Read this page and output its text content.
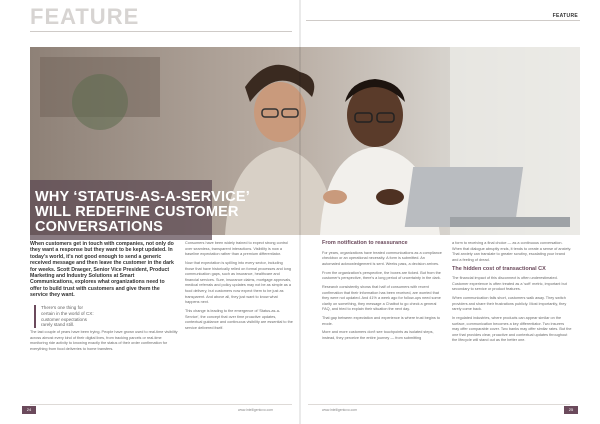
FEATURE	FEATURE
WHY ‘STATUS-AS-A-SERVICE’ WILL REDEFINE CUSTOMER CONVERSATIONS

When customers get in touch with companies, not only do they want a response but they want to be kept updated. In today's world, it's not good enough to send a generic received message and then leave the customer in the dark for weeks. Scott Draeger, Senior Vice President, Product Marketing and Industry Solutions at Smart Communications, explores what organizations need to offer to build trust with customers and give them the service they want.

There's one thing for certain in the world of CX: customer expectations rarely stand still.

The last couple of years have been trying. People have grown used to real-time visibility across almost every kind of their digital lives, from tracking parcels or real-time monitoring ride activity to knowing exactly the status of their order confirmation for everything from food deliveries to home transfers.

Consumers have been widely trained to expect strong control over seamless, transparent interactions. Visibility is now a baseline expectation rather than a premium differentiator.

Now that expectation is spilling into every sector, including those that have historically relied on formal processes and long communication gaps, such as insurance, healthcare and financial services. Sure, insurance claims, mortgage approvals, medical referrals and policy updates may not be as simple as a food delivery, but customers now expect them to be just as transparent. And above all, they just want to know what happens next.

This change is leading to the emergence of 'Status-as-a-Service', the concept that over time proactive updates, contextual guidance and continuous visibility are essential to the service delivered itself.

From notification to reassurance

For years, organizations have treated communications as a compliance checkbox or an operational necessity. A form is submitted. An automated acknowledgement is sent. Weeks pass, a decision arrives.

From the organization's perspective, the boxes are ticked. But from the customer's perspective, there's a long period of uncertainty in the dark.

Research consistently shows that half of consumers with recent confirmation that their information has been received, are worried that they were not updated. And 41% a week ago for follow-ups need some clarity on something, they message a Chatbot to go check a general FAQ, and tried to explain their situation the next day.

That gap between expectation and experience is where trust begins to erode.

More and more customers don't see touchpoints as isolated steps, instead, they perceive the entire journey — from submitting

a form to receiving a final choice — as a continuous conversation. When that dialogue abruptly ends, it tends to create a sense of anxiety. That anxiety can translate to greater scrutiny, escalating your brand and a feeling of dread.

The hidden cost of transactional CX

The financial impact of this disconnect is often underestimated. Customer experience is often treated as a 'soft' metric, important but secondary to service or product features.

When communication falls short, customers walk away. They switch providers and share their frustrations publicly. Most importantly, they rarely come back.

In regulated industries, where products can appear similar on the surface, communication becomes a key differentiator. Two insurers may offer comparable cover. Two banks may offer similar rates. But the one that provides clear, proactive and contextual updates throughout the lifecycle will stand out as the better one.

24	25
www.intelligentcxo.com	www.intelligentcxo.com
